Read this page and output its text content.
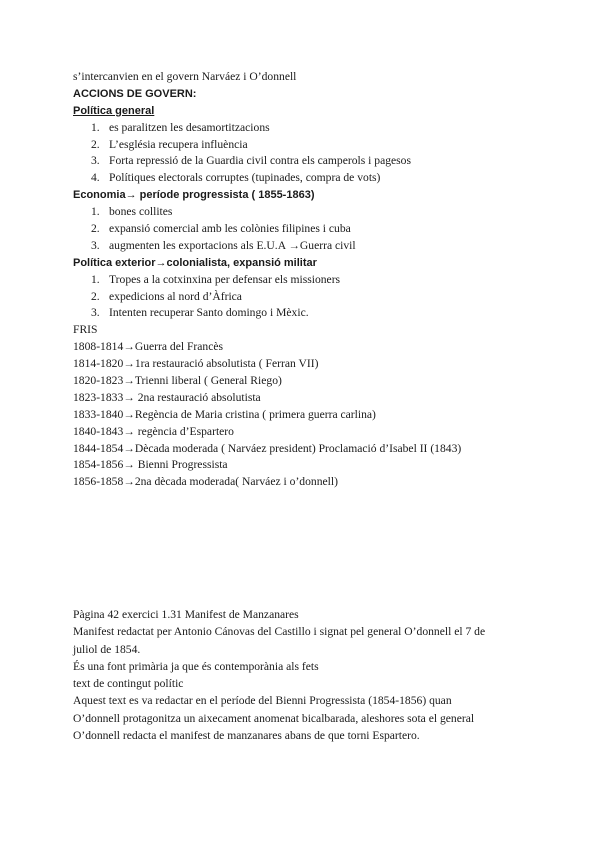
s’intercanvien en el govern Narváez i O’donnell
ACCIONS DE GOVERN:
Política general
1. es paralitzen les desamortitzacions
2. L’església recupera influència
3. Forta repressió de la Guardia civil contra els camperols i pagesos
4. Polítiques electorals corruptes (tupinades, compra de vots)
Economia→ període progressista ( 1855-1863)
1. bones collites
2. expansió comercial amb les colònies filipines i cuba
3. augmenten les exportacions als E.U.A →Guerra civil
Política exterior→colonialista, expansió militar
1. Tropes a la cotxinxina per defensar els missioners
2. expedicions al nord d’Àfrica
3. Intenten recuperar Santo domingo i Mèxic.
FRIS
1808-1814→Guerra del Francès
1814-1820→1ra restauració absolutista ( Ferran VII)
1820-1823→Trienni liberal ( General Riego)
1823-1833→ 2na restauració absolutista
1833-1840→Regència de Maria cristina ( primera guerra carlina)
1840-1843→ regència d’Espartero
1844-1854→Dècada moderada ( Narváez president) Proclamació d’Isabel II (1843)
1854-1856→ Bienni Progressista
1856-1858→2na dècada moderada( Narváez i o’donnell)
Pàgina 42 exercici 1.31 Manifest de Manzanares
Manifest redactat per Antonio Cánovas del Castillo i signat pel general O’donnell el 7 de
juliol de 1854.
És una font primària ja que és contemporània als fets
text de contingut polític
Aquest text es va redactar en el període del Bienni Progressista (1854-1856) quan
O’donnell protagonitza un aixecament anomenat bicalbarada, aleshores sota el general
O’donnell redacta el manifest de manzanares abans de que torni Espartero.
